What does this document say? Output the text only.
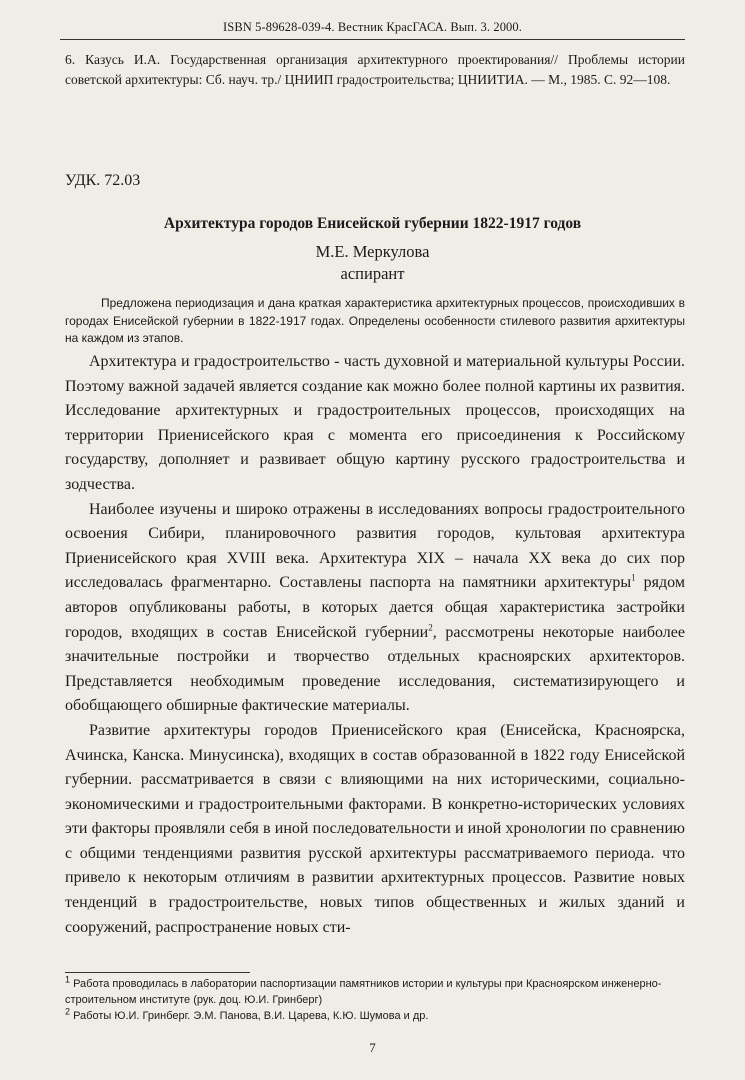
ISBN 5-89628-039-4. Вестник КрасГАСА. Вып. 3. 2000.
6. Казусь И.А. Государственная организация архитектурного проектирования// Проблемы истории советской архитектуры: Сб. науч. тр./ ЦНИИП градостроительства; ЦНИИТИА. — М., 1985. С. 92—108.
УДК. 72.03
Архитектура городов Енисейской губернии 1822-1917 годов
М.Е. Меркулова
аспирант
Предложена периодизация и дана краткая характеристика архитектурных процессов, происходивших в городах Енисейской губернии в 1822-1917 годах. Определены особенности стилевого развития архитектуры на каждом из этапов.

Архитектура и градостроительство - часть духовной и материальной культуры России. Поэтому важной задачей является создание как можно более полной картины их развития. Исследование архитектурных и градостроительных процессов, происходящих на территории Приенисейского края с момента его присоединения к Российскому государству, дополняет и развивает общую картину русского градостроительства и зодчества.

Наиболее изучены и широко отражены в исследованиях вопросы градостроительного освоения Сибири, планировочного развития городов, культовая архитектура Приенисейского края XVIII века. Архитектура XIX – начала XX века до сих пор исследовалась фрагментарно. Составлены паспорта на памятники архитектуры$^1$ рядом авторов опубликованы работы, в которых дается общая характеристика застройки городов, входящих в состав Енисейской губернии$^2$, рассмотрены некоторые наиболее значительные постройки и творчество отдельных красноярских архитекторов. Представляется необходимым проведение исследования, систематизирующего и обобщающего обширные фактические материалы.

Развитие архитектуры городов Приенисейского края (Енисейска, Красноярска, Ачинска, Канска. Минусинска), входящих в состав образованной в 1822 году Енисейской губернии. рассматривается в связи с влияющими на них историческими, социально-экономическими и градостроительными факторами. В конкретно-исторических условиях эти факторы проявляли себя в иной последовательности и иной хронологии по сравнению с общими тенденциями развития русской архитектуры рассматриваемого периода. что привело к некоторым отличиям в развитии архитектурных процессов. Развитие новых тенденций в градостроительстве, новых типов общественных и жилых зданий и сооружений, распространение новых сти-

$^1$ Работа проводилась в лаборатории паспортизации памятников истории и культуры при Красноярском инженерно-строительном институте (рук. доц. Ю.И. Гринберг)

$^2$ Работы Ю.И. Гринберг. Э.М. Панова, В.И. Царева, К.Ю. Шумова и др.

7
